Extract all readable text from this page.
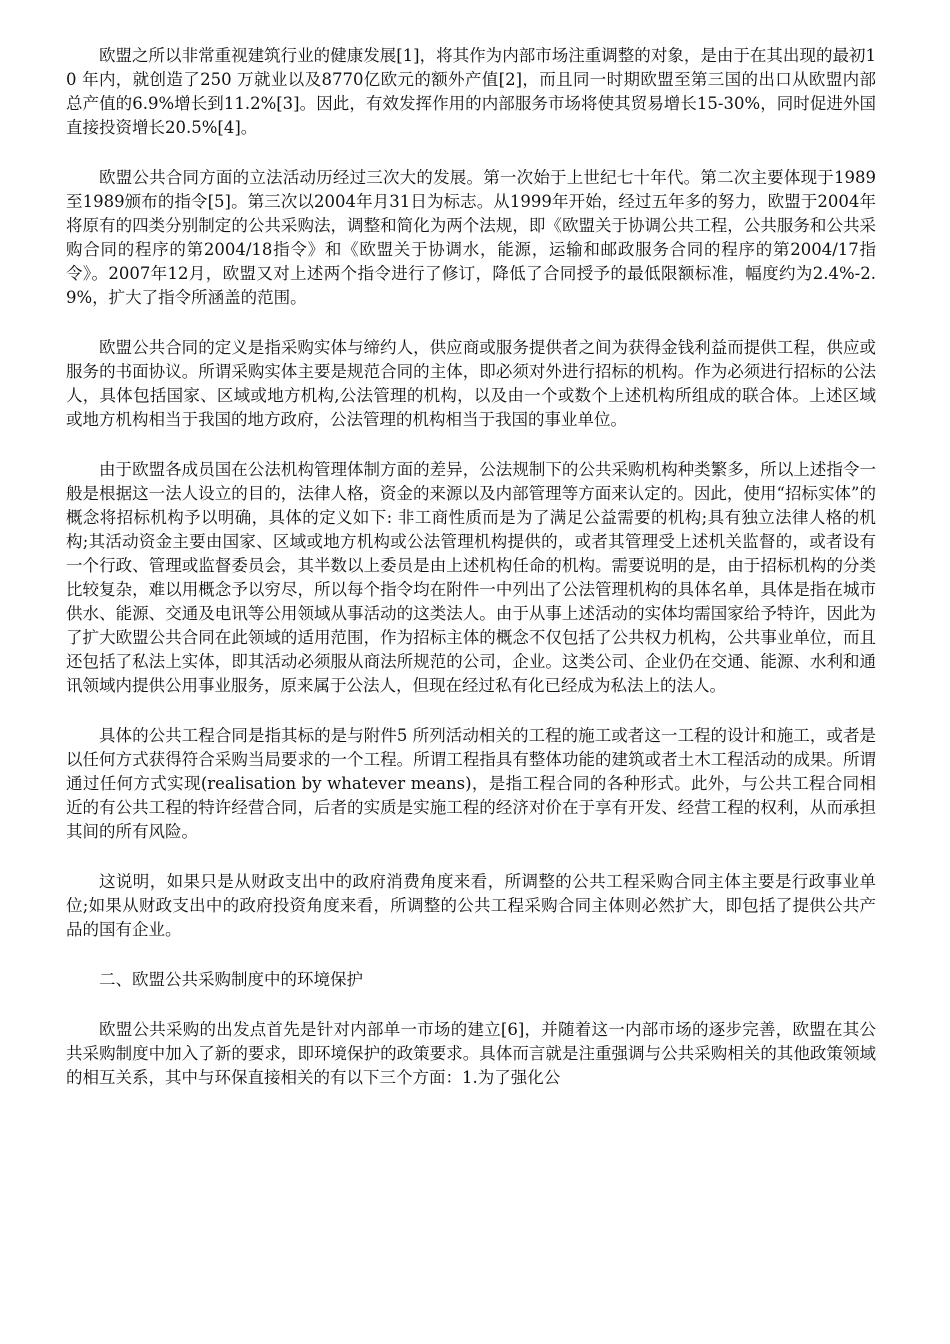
欧盟之所以非常重视建筑行业的健康发展[1]，将其作为内部市场注重调整的对象，是由于在其出现的最初10 年内，就创造了250 万就业以及8770亿欧元的额外产值[2]，而且同一时期欧盟至第三国的出口从欧盟内部总产值的6.9%增长到11.2%[3]。因此，有效发挥作用的内部服务市场将使其贸易增长15-30%，同时促进外国直接投资增长20.5%[4]。

欧盟公共合同方面的立法活动历经过三次大的发展。第一次始于上世纪七十年代。第二次主要体现于1989至1989颁布的指令[5]。第三次以2004年月31日为标志。从1999年开始，经过五年多的努力，欧盟于2004年将原有的四类分别制定的公共采购法，调整和简化为两个法规，即《欧盟关于协调公共工程，公共服务和公共采购合同的程序的第2004/18指令》和《欧盟关于协调水，能源，运输和邮政服务合同的程序的第2004/17指令》。2007年12月，欧盟又对上述两个指令进行了修订，降低了合同授予的最低限额标准，幅度约为2.4%-2.9%，扩大了指令所涵盖的范围。

欧盟公共合同的定义是指采购实体与缔约人，供应商或服务提供者之间为获得金钱利益而提供工程，供应或服务的书面协议。所谓采购实体主要是规范合同的主体，即必须对外进行招标的机构。作为必须进行招标的公法人，具体包括国家、区域或地方机构,公法管理的机构，以及由一个或数个上述机构所组成的联合体。上述区域或地方机构相当于我国的地方政府，公法管理的机构相当于我国的事业单位。

由于欧盟各成员国在公法机构管理体制方面的差异，公法规制下的公共采购机构种类繁多，所以上述指令一般是根据这一法人设立的目的，法律人格，资金的来源以及内部管理等方面来认定的。因此，使用“招标实体”的概念将招标机构予以明确，具体的定义如下: 非工商性质而是为了满足公益需要的机构;具有独立法律人格的机构;其活动资金主要由国家、区域或地方机构或公法管理机构提供的，或者其管理受上述机关监督的，或者设有一个行政、管理或监督委员会，其半数以上委员是由上述机构任命的机构。需要说明的是，由于招标机构的分类比较复杂，难以用概念予以穷尽，所以每个指令均在附件一中列出了公法管理机构的具体名单，具体是指在城市供水、能源、交通及电讯等公用领域从事活动的这类法人。由于从事上述活动的实体均需国家给予特许，因此为了扩大欧盟公共合同在此领域的适用范围，作为招标主体的概念不仅包括了公共权力机构，公共事业单位，而且还包括了私法上实体，即其活动必须服从商法所规范的公司，企业。这类公司、企业仍在交通、能源、水利和通讯领域内提供公用事业服务，原来属于公法人，但现在经过私有化已经成为私法上的法人。

具体的公共工程合同是指其标的是与附件5 所列活动相关的工程的施工或者这一工程的设计和施工，或者是以任何方式获得符合采购当局要求的一个工程。所谓工程指具有整体功能的建筑或者土木工程活动的成果。所谓通过任何方式实现(realisation by whatever means)，是指工程合同的各种形式。此外，与公共工程合同相近的有公共工程的特许经营合同，后者的实质是实施工程的经济对价在于享有开发、经营工程的权利，从而承担其间的所有风险。

这说明，如果只是从财政支出中的政府消费角度来看，所调整的公共工程采购合同主体主要是行政事业单位;如果从财政支出中的政府投资角度来看，所调整的公共工程采购合同主体则必然扩大，即包括了提供公共产品的国有企业。

二、欧盟公共采购制度中的环境保护

欧盟公共采购的出发点首先是针对内部单一市场的建立[6]，并随着这一内部市场的逐步完善，欧盟在其公共采购制度中加入了新的要求，即环境保护的政策要求。具体而言就是注重强调与公共采购相关的其他政策领域的相互关系，其中与环保直接相关的有以下三个方面：1.为了强化公
